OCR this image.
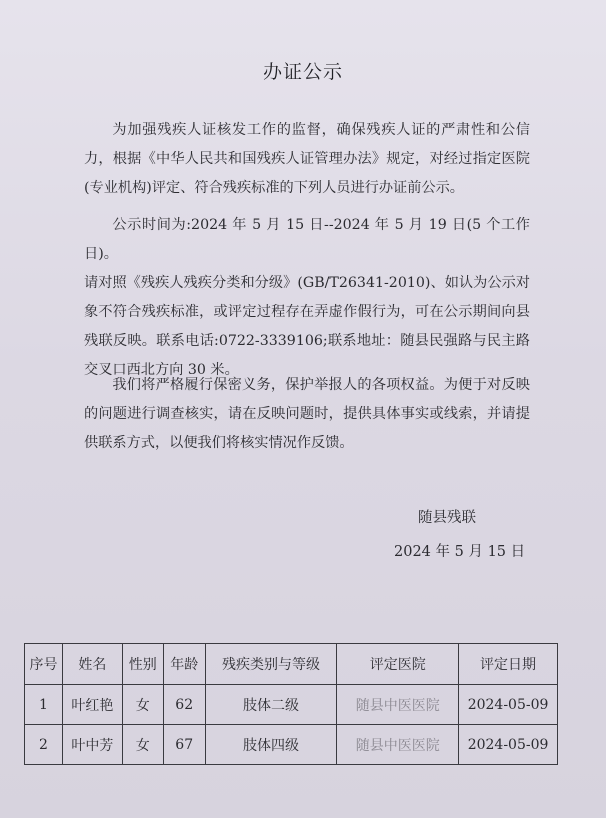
办证公示

为加强残疾人证核发工作的监督，确保残疾人证的严肃性和公信力，根据《中华人民共和国残疾人证管理办法》规定，对经过指定医院(专业机构)评定、符合残疾标准的下列人员进行办证前公示。

公示时间为:2024 年 5 月 15 日--2024 年 5 月 19 日(5 个工作日)。

请对照《残疾人残疾分类和分级》(GB/T26341-2010)、如认为公示对象不符合残疾标准，或评定过程存在弄虚作假行为，可在公示期间向县残联反映。联系电话:0722-3339106;联系地址：随县民强路与民主路交叉口西北方向 30 米。

我们将严格履行保密义务，保护举报人的各项权益。为便于对反映的问题进行调查核实，请在反映问题时，提供具体事实或线索，并请提供联系方式，以便我们将核实情况作反馈。

随县残联
2024 年 5 月 15 日
序号	姓名	性别	年龄	残疾类别与等级	评定医院	评定日期
1	叶红艳	女	62	肢体二级	随县中医医院	2024-05-09
2	叶中芳	女	67	肢体四级	随县中医医院	2024-05-09
